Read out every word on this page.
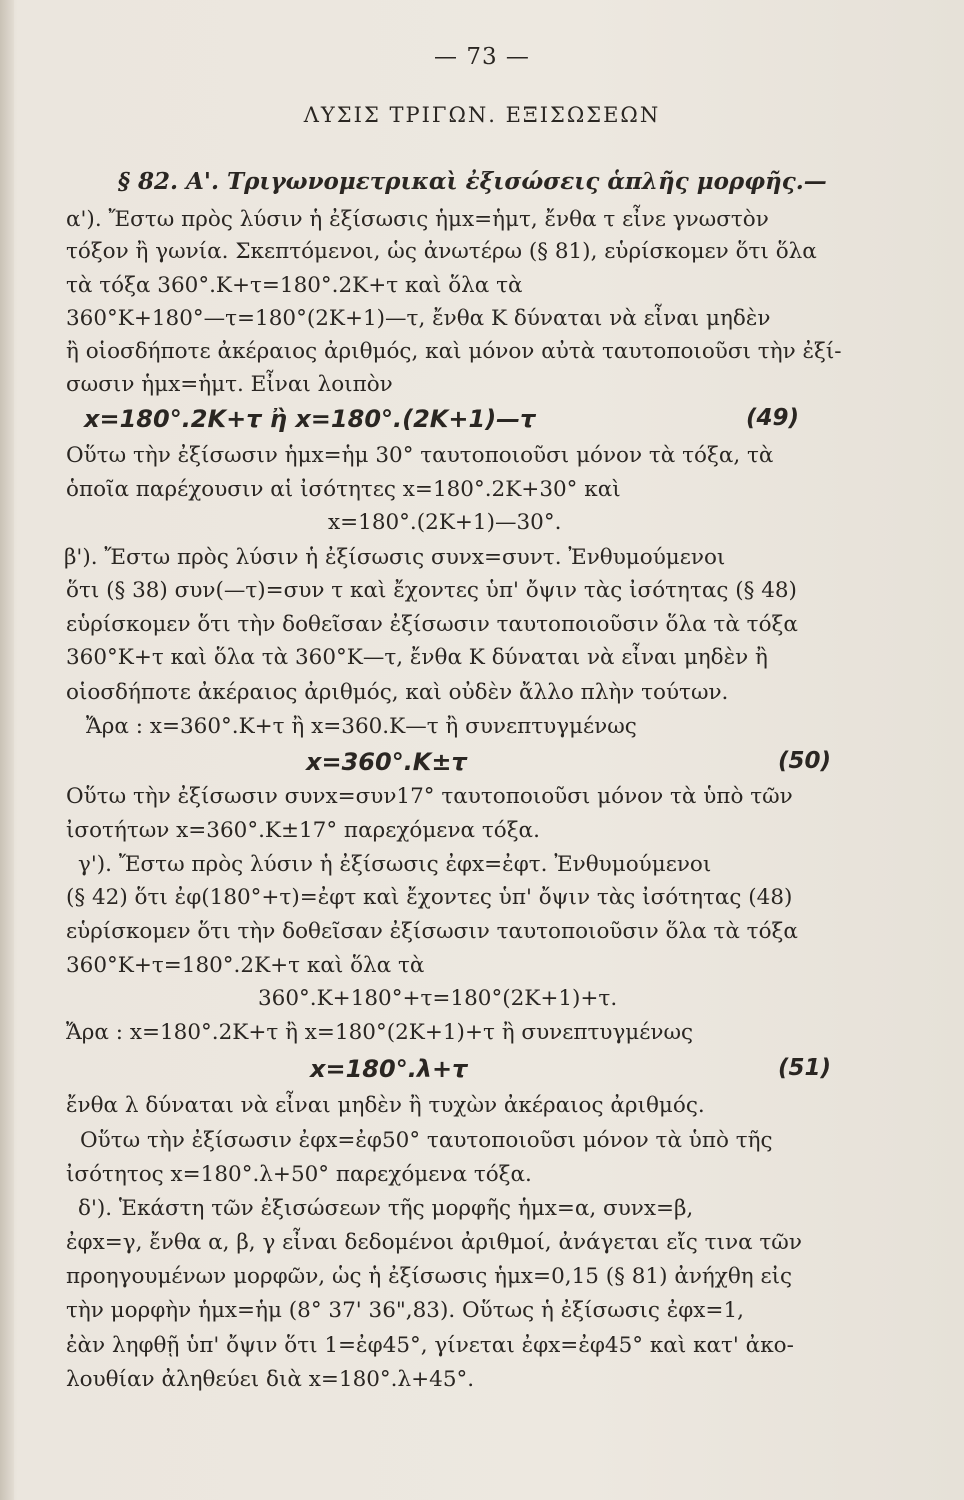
— 73 —
ΛΥΣΙΣ ΤΡΙΓΩΝ. ΕΞΙΣΩΣΕΩΝ
§ 82. Α'. Τριγωνομετρικαὶ ἐξισώσεις ἁπλῆς μορφῆς.—
α'). Ἔστω πρὸς λύσιν ἡ ἐξίσωσις ἡμx=ἡμτ, ἔνθα τ εἶνε γνωστὸν
τόξον ἢ γωνία. Σκεπτόμενοι, ὡς ἀνωτέρω (§ 81), εὑρίσκομεν ὅτι ὅλα
τὰ τόξα 360°.Κ+τ=180°.2Κ+τ καὶ ὅλα τὰ
360°Κ+180°—τ=180°(2Κ+1)—τ, ἔνθα Κ δύναται νὰ εἶναι μηδὲν
ἢ οἱοσδήποτε ἀκέραιος ἀριθμός, καὶ μόνον αὐτὰ ταυτοποιοῦσι τὴν ἐξί-
σωσιν ἡμx=ἡμτ. Εἶναι λοιπὸν
x=180°.2Κ+τ ἢ x=180°.(2Κ+1)—τ	(49)
Οὕτω τὴν ἐξίσωσιν ἡμx=ἡμ 30° ταυτοποιοῦσι μόνον τὰ τόξα, τὰ
ὁποῖα παρέχουσιν αἱ ἰσότητες x=180°.2Κ+30° καὶ
x=180°.(2Κ+1)—30°.
β'). Ἔστω πρὸς λύσιν ἡ ἐξίσωσις συνx=συντ. Ἐνθυμούμενοι
ὅτι (§ 38) συν(—τ)=συν τ καὶ ἔχοντες ὑπ' ὄψιν τὰς ἰσότητας (§ 48)
εὑρίσκομεν ὅτι τὴν δοθεῖσαν ἐξίσωσιν ταυτοποιοῦσιν ὅλα τὰ τόξα
360°Κ+τ καὶ ὅλα τὰ 360°Κ—τ, ἔνθα Κ δύναται νὰ εἶναι μηδὲν ἢ
οἱοσδήποτε ἀκέραιος ἀριθμός, καὶ οὐδὲν ἄλλο πλὴν τούτων.
Ἄρα : x=360°.Κ+τ ἢ x=360.Κ—τ ἢ συνεπτυγμένως
x=360°.Κ±τ	(50)
Οὕτω τὴν ἐξίσωσιν συνx=συν17° ταυτοποιοῦσι μόνον τὰ ὑπὸ τῶν
ἰσοτήτων x=360°.Κ±17° παρεχόμενα τόξα.
γ'). Ἔστω πρὸς λύσιν ἡ ἐξίσωσις ἐφx=ἐφτ. Ἐνθυμούμενοι
(§ 42) ὅτι ἐφ(180°+τ)=ἐφτ καὶ ἔχοντες ὑπ' ὄψιν τὰς ἰσότητας (48)
εὑρίσκομεν ὅτι τὴν δοθεῖσαν ἐξίσωσιν ταυτοποιοῦσιν ὅλα τὰ τόξα
360°Κ+τ=180°.2Κ+τ καὶ ὅλα τὰ
360°.Κ+180°+τ=180°(2Κ+1)+τ.
Ἄρα : x=180°.2Κ+τ ἢ x=180°(2Κ+1)+τ ἢ συνεπτυγμένως
x=180°.λ+τ	(51)
ἔνθα λ δύναται νὰ εἶναι μηδὲν ἢ τυχὼν ἀκέραιος ἀριθμός.
Οὕτω τὴν ἐξίσωσιν ἐφx=ἐφ50° ταυτοποιοῦσι μόνον τὰ ὑπὸ τῆς
ἰσότητος x=180°.λ+50° παρεχόμενα τόξα.
δ'). Ἑκάστη τῶν ἐξισώσεων τῆς μορφῆς ἡμx=α, συνx=β,
ἐφx=γ, ἔνθα α, β, γ εἶναι δεδομένοι ἀριθμοί, ἀνάγεται εἴς τινα τῶν
προηγουμένων μορφῶν, ὡς ἡ ἐξίσωσις ἡμx=0,15 (§ 81) ἀνήχθη εἰς
τὴν μορφὴν ἡμx=ἡμ (8° 37' 36",83). Οὕτως ἡ ἐξίσωσις ἐφx=1,
ἐὰν ληφθῇ ὑπ' ὄψιν ὅτι 1=ἐφ45°, γίνεται ἐφx=ἐφ45° καὶ κατ' ἀκο-
λουθίαν ἀληθεύει διὰ x=180°.λ+45°.
